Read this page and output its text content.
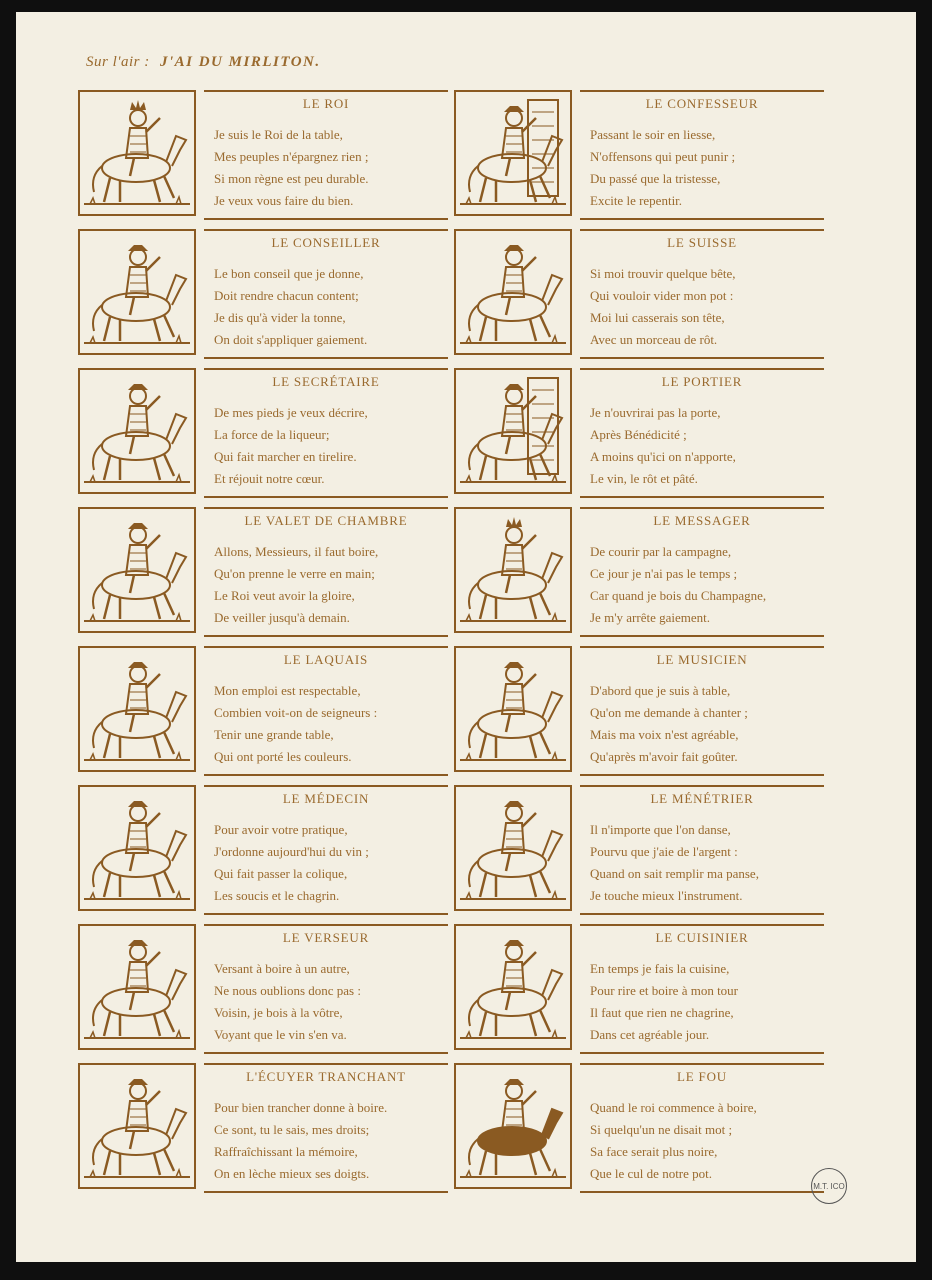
Sur l'air : J'AI DU MIRLITON.
LE ROI
Je suis le Roi de la table,
Mes peuples n'épargnez rien ;
Si mon règne est peu durable.
Je veux vous faire du bien.
LE CONFESSEUR
Passant le soir en liesse,
N'offensons qui peut punir ;
Du passé que la tristesse,
Excite le repentir.
LE CONSEILLER
Le bon conseil que je donne,
Doit rendre chacun content;
Je dis qu'à vider la tonne,
On doit s'appliquer gaiement.
LE SUISSE
Si moi trouvir quelque bête,
Qui vouloir vider mon pot :
Moi lui casserais son tête,
Avec un morceau de rôt.
LE SECRÉTAIRE
De mes pieds je veux décrire,
La force de la liqueur;
Qui fait marcher en tirelire.
Et réjouit notre cœur.
LE PORTIER
Je n'ouvrirai pas la porte,
Après Bénédicité ;
A moins qu'ici on n'apporte,
Le vin, le rôt et pâté.
LE VALET DE CHAMBRE
Allons, Messieurs, il faut boire,
Qu'on prenne le verre en main;
Le Roi veut avoir la gloire,
De veiller jusqu'à demain.
LE MESSAGER
De courir par la campagne,
Ce jour je n'ai pas le temps ;
Car quand je bois du Champagne,
Je m'y arrête gaiement.
LE LAQUAIS
Mon emploi est respectable,
Combien voit-on de seigneurs :
Tenir une grande table,
Qui ont porté les couleurs.
LE MUSICIEN
D'abord que je suis à table,
Qu'on me demande à chanter ;
Mais ma voix n'est agréable,
Qu'après m'avoir fait goûter.
LE MÉDECIN
Pour avoir votre pratique,
J'ordonne aujourd'hui du vin ;
Qui fait passer la colique,
Les soucis et le chagrin.
LE MÉNÉTRIER
Il n'importe que l'on danse,
Pourvu que j'aie de l'argent :
Quand on sait remplir ma panse,
Je touche mieux l'instrument.
LE VERSEUR
Versant à boire à un autre,
Ne nous oublions donc pas :
Voisin, je bois à la vôtre,
Voyant que le vin s'en va.
LE CUISINIER
En temps je fais la cuisine,
Pour rire et boire à mon tour
Il faut que rien ne chagrine,
Dans cet agréable jour.
L'ÉCUYER TRANCHANT
Pour bien trancher donne à boire.
Ce sont, tu le sais, mes droits;
Raffraîchissant la mémoire,
On en lèche mieux ses doigts.
LE FOU
Quand le roi commence à boire,
Si quelqu'un ne disait mot ;
Sa face serait plus noire,
Que le cul de notre pot.
M.T. ICO
